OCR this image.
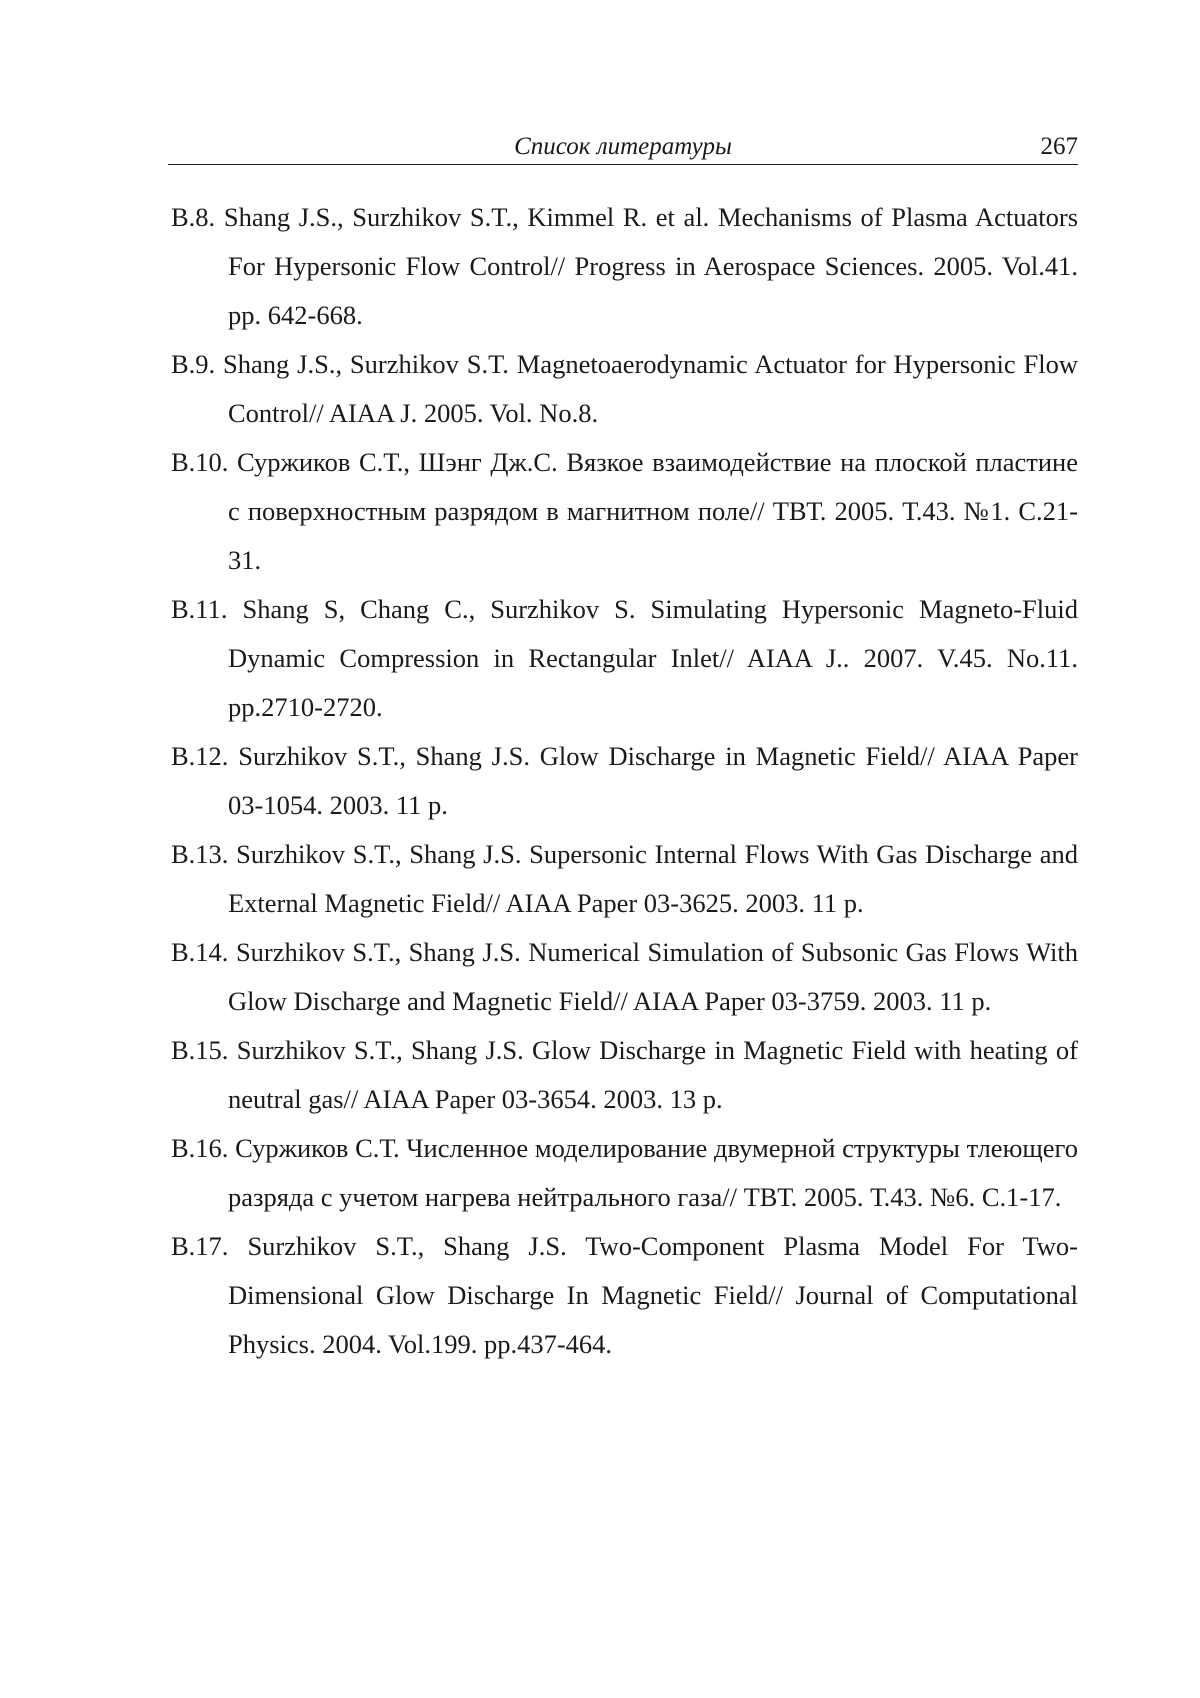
Список литературы	267
B.8. Shang J.S., Surzhikov S.T., Kimmel R. et al. Mechanisms of Plasma Actuators For Hypersonic Flow Control// Progress in Aerospace Sciences. 2005. Vol.41. pp. 642-668.
B.9. Shang J.S., Surzhikov S.T. Magnetoaerodynamic Actuator for Hypersonic Flow Control// AIAA J. 2005. Vol. No.8.
B.10. Суржиков С.Т., Шэнг Дж.С. Вязкое взаимодействие на плоской пластине с поверхностным разрядом в магнитном поле// ТВТ. 2005. Т.43. №1. С.21-31.
B.11. Shang S, Chang C., Surzhikov S. Simulating Hypersonic Magneto-Fluid Dynamic Compression in Rectangular Inlet// AIAA J.. 2007. V.45. No.11. pp.2710-2720.
B.12. Surzhikov S.T., Shang J.S. Glow Discharge in Magnetic Field// AIAA Paper 03-1054. 2003. 11 p.
B.13. Surzhikov S.T., Shang J.S. Supersonic Internal Flows With Gas Discharge and External Magnetic Field// AIAA Paper 03-3625. 2003. 11 p.
B.14. Surzhikov S.T., Shang J.S. Numerical Simulation of Subsonic Gas Flows With Glow Discharge and Magnetic Field// AIAA Paper 03-3759. 2003. 11 p.
B.15. Surzhikov S.T., Shang J.S. Glow Discharge in Magnetic Field with heating of neutral gas// AIAA Paper 03-3654. 2003. 13 p.
B.16. Суржиков С.Т. Численное моделирование двумерной структуры тлеющего разряда с учетом нагрева нейтрального газа// ТВТ. 2005. Т.43. №6. С.1-17.
B.17. Surzhikov S.T., Shang J.S. Two-Component Plasma Model For Two-Dimensional Glow Discharge In Magnetic Field// Journal of Computational Physics. 2004. Vol.199. pp.437-464.
